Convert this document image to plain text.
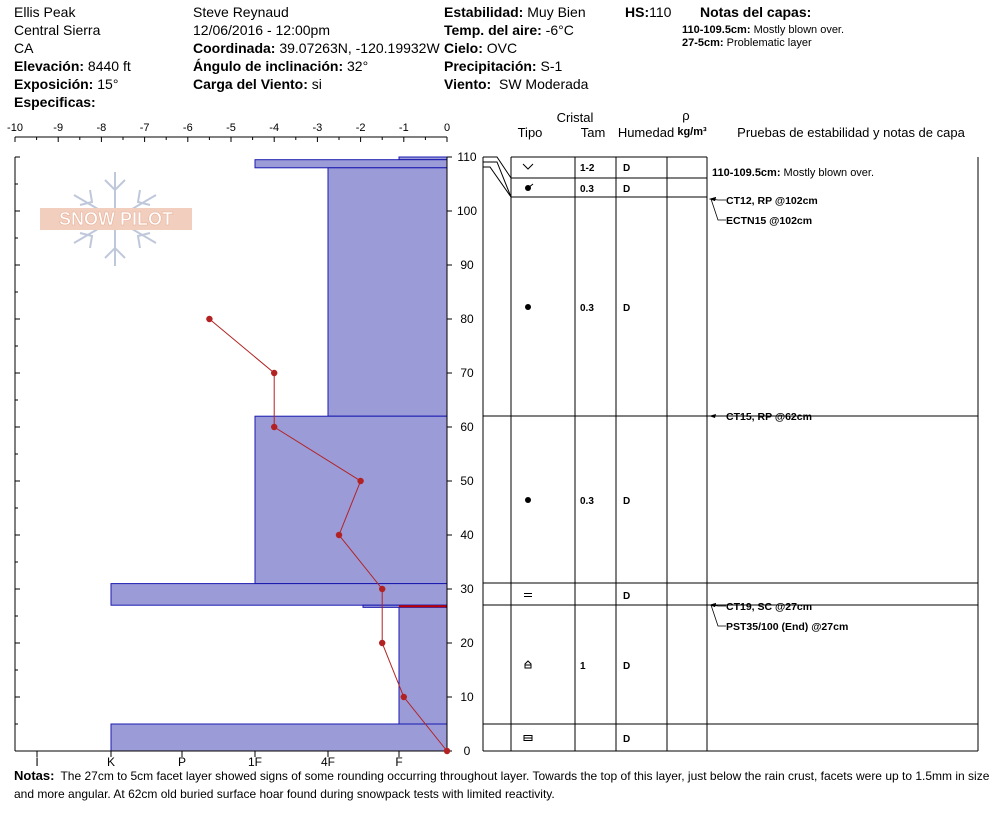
Ellis Peak
Central Sierra
CA
Elevación: 8440 ft
Exposición: 15°
Especificas:
Steve Reynaud
12/06/2016 - 12:00pm
Coordinada: 39.07263N, -120.19932W
Ángulo de inclinación: 32°
Carga del Viento: si
Estabilidad: Muy Bien
Temp. del aire: -6°C
Cielo: OVC
Precipitación: S-1
Viento: SW Moderada
HS:110 Notas del capas:
110-109.5cm: Mostly blown over.
27-5cm: Problematic layer
SNOW PILOT
-10	-9	-8	-7	-6	-5	-4	-3	-2	-1	0
I	K	P	1F	4F	F
0
10
20
30
40
50
60
70
80
90
100
110
1-2	D
0.3	D
0.3	D
0.3	D
D
1	D
D
110-109.5cm: Mostly blown over.
CT12, RP @102cm
ECTN15 @102cm
CT15, RP @62cm
CT19, SC @27cm
PST35/100 (End) @27cm
Cristal
Tipo	Tam Humedad
ρ
kg/m³ Pruebas de estabilidad y notas de capa
Notas: The 27cm to 5cm facet layer showed signs of some rounding occurring throughout layer. Towards the top of this layer, just below the rain crust, facets were up to 1.5mm in size and more angular. At 62cm old buried surface hoar found during snowpack tests with limited reactivity.
